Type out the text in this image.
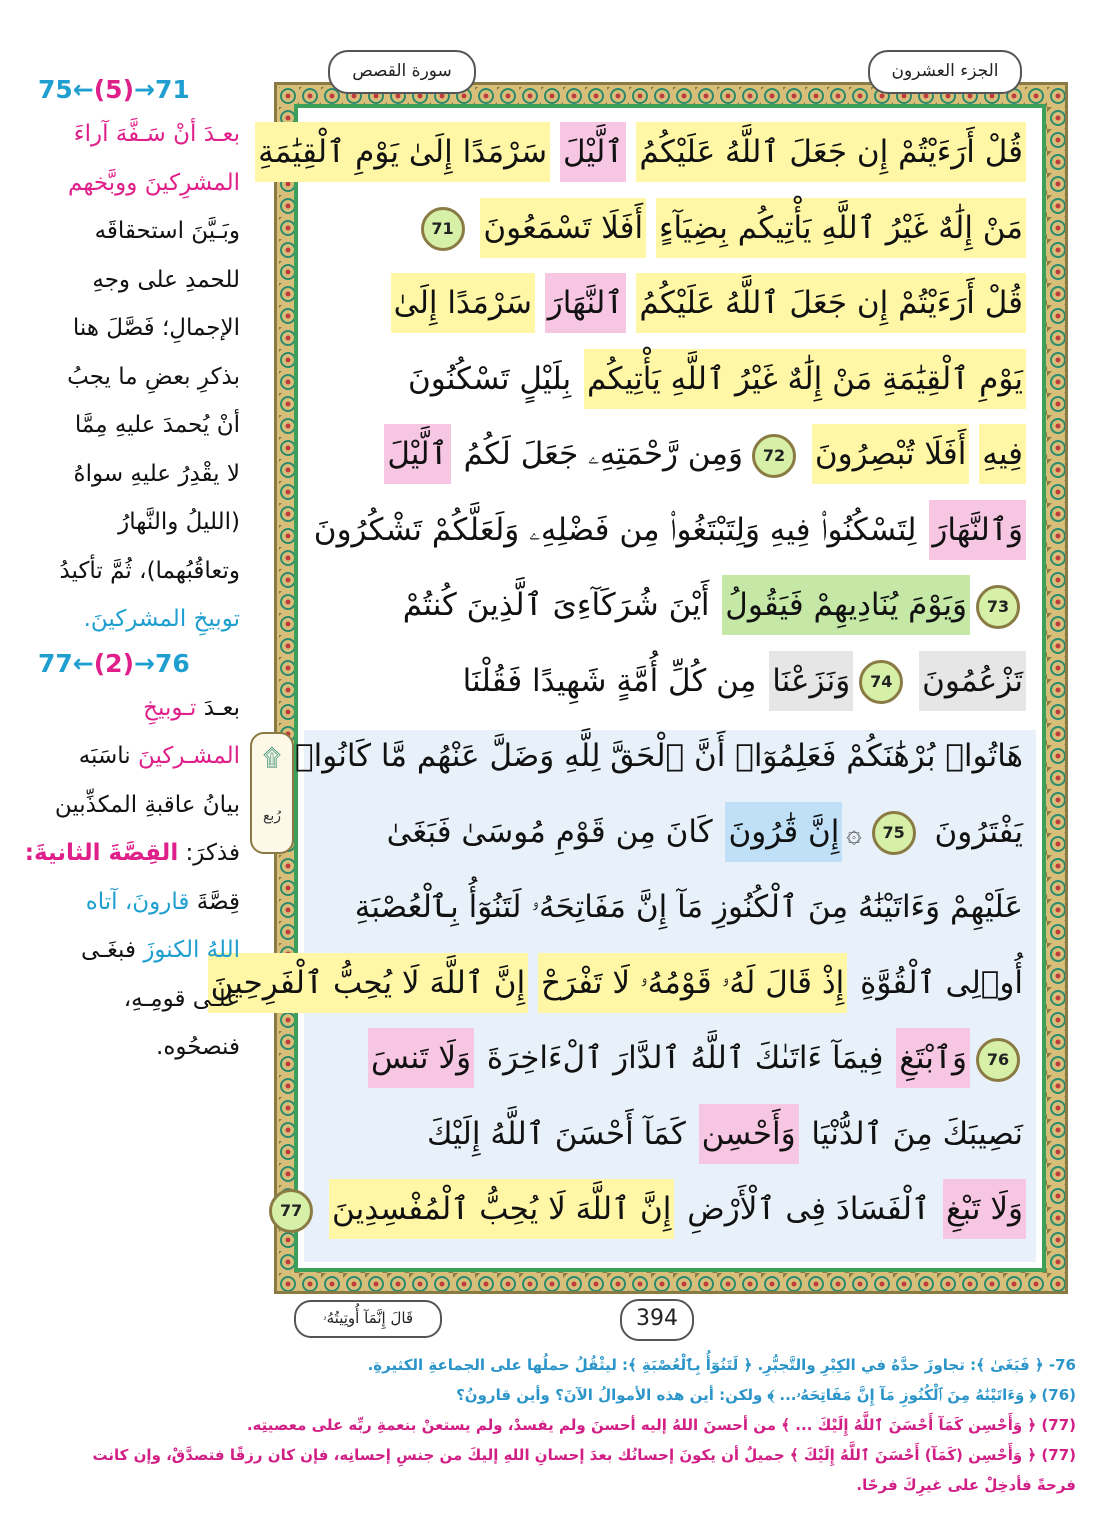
الجزء العشرون
سورة القصص
قُلْ أَرَءَيْتُمْ إِن جَعَلَ ٱللَّهُ عَلَيْكُمُ ٱلَّيْلَ سَرْمَدًا إِلَىٰ يَوْمِ ٱلْقِيَٰمَةِ
مَنْ إِلَٰهٌ غَيْرُ ٱللَّهِ يَأْتِيكُم بِضِيَآءٍ أَفَلَا تَسْمَعُونَ 71
قُلْ أَرَءَيْتُمْ إِن جَعَلَ ٱللَّهُ عَلَيْكُمُ ٱلنَّهَارَ سَرْمَدًا إِلَىٰ
يَوْمِ ٱلْقِيَٰمَةِ مَنْ إِلَٰهٌ غَيْرُ ٱللَّهِ يَأْتِيكُم بِلَيْلٍ تَسْكُنُونَ
فِيهِ أَفَلَا تُبْصِرُونَ 72وَمِن رَّحْمَتِهِۦ جَعَلَ لَكُمُ ٱلَّيْلَ
وَٱلنَّهَارَ لِتَسْكُنُوا۟ فِيهِ وَلِتَبْتَغُوا۟ مِن فَضْلِهِۦ وَلَعَلَّكُمْ تَشْكُرُونَ
73وَيَوْمَ يُنَادِيهِمْ فَيَقُولُ أَيْنَ شُرَكَآءِىَ ٱلَّذِينَ كُنتُمْ
تَزْعُمُونَ 74وَنَزَعْنَا مِن كُلِّ أُمَّةٍ شَهِيدًا فَقُلْنَا
هَاتُوا۟ بُرْهَٰنَكُمْ فَعَلِمُوٓا۟ أَنَّ ٱلْحَقَّ لِلَّهِ وَضَلَّ عَنْهُم مَّا كَانُوا۟
يَفْتَرُونَ 75۞إِنَّ قَٰرُونَ كَانَ مِن قَوْمِ مُوسَىٰ فَبَغَىٰ
عَلَيْهِمْ وَءَاتَيْنَٰهُ مِنَ ٱلْكُنُوزِ مَآ إِنَّ مَفَاتِحَهُۥ لَتَنُوٓأُ بِٱلْعُصْبَةِ
أُو۟لِى ٱلْقُوَّةِ إِذْ قَالَ لَهُۥ قَوْمُهُۥ لَا تَفْرَحْ إِنَّ ٱللَّهَ لَا يُحِبُّ ٱلْفَرِحِينَ
76وَٱبْتَغِ فِيمَآ ءَاتَىٰكَ ٱللَّهُ ٱلدَّارَ ٱلْءَاخِرَةَ وَلَا تَنسَ
نَصِيبَكَ مِنَ ٱلدُّنْيَا وَأَحْسِن كَمَآ أَحْسَنَ ٱللَّهُ إِلَيْكَ
وَلَا تَبْغِ ٱلْفَسَادَ فِى ٱلْأَرْضِ إِنَّ ٱللَّهَ لَا يُحِبُّ ٱلْمُفْسِدِينَ 77
۩
رُبع
75←(5)→71
بعـدَ أنْ سَـفَّهَ آراءَ
المشرِكينَ ووبَّخهم
وبَـيَّنَ استحقاقَه
للحمدِ على وجهِ
الإجمالِ؛ فَصَّلَ هنا
بذكرِ بعضِ ما يجبُ
أنْ يُحمدَ عليهِ مِمَّا
لا يقْدِرُ عليهِ سواهُ
(الليلُ والنَّهارُ
وتعاقُبُهما)، ثُمَّ تأكيدُ
توبيخِ المشركينَ.
77←(2)→76
بعـدَ تـوبيخِ
المشـركينَ ناسَبَه
بيانُ عاقبةِ المكذِّبين
فذكرَ: القِصَّةَ الثانيةَ:
قِصَّةَ قارونَ، آتاه
اللهُ الكنوزَ فبغَـى
علـى قومِـهِ،
فنصحُوه.
394
قَالَ إِنَّمَآ أُوتِيتُهُۥ
76- ﴿ فَبَغَىٰ ﴾: تجاوزَ حدَّهُ في الكِبْرِ والتَّجبُّرِ. ﴿ لَتَنُوٓأُ بِٱلْعُصْبَةِ ﴾: ليثْقُلُ حملُها على الجماعةِ الكثيرةِ.
(76) ﴿ وَءَاتَيْنَٰهُ مِنَ ٱلْكُنُوزِ مَآ إِنَّ مَفَاتِحَهُۥ... ﴾ ولكن: أين هذه الأموالُ الآنَ؟ وأين قارونُ؟
(77) ﴿ وَأَحْسِن كَمَآ أَحْسَنَ ٱللَّهُ إِلَيْكَ ... ﴾ من أحسنَ اللهُ إليه أحسنَ ولم يفسدْ، ولم يستعنْ بنعمةِ ربِّه على معصيتِه.
(77) ﴿ وَأَحْسِن (كَمَآ) أَحْسَنَ ٱللَّهُ إِلَيْكَ ﴾ جميلٌ أن يكونَ إحسانُك بعدَ إحسانِ اللهِ إليكَ من جنسِ إحسانِه، فإن كان رزقًا فتصدَّقْ، وإن كانت
فرحةً فأدخِلْ على غيرِكَ فرحًا.
